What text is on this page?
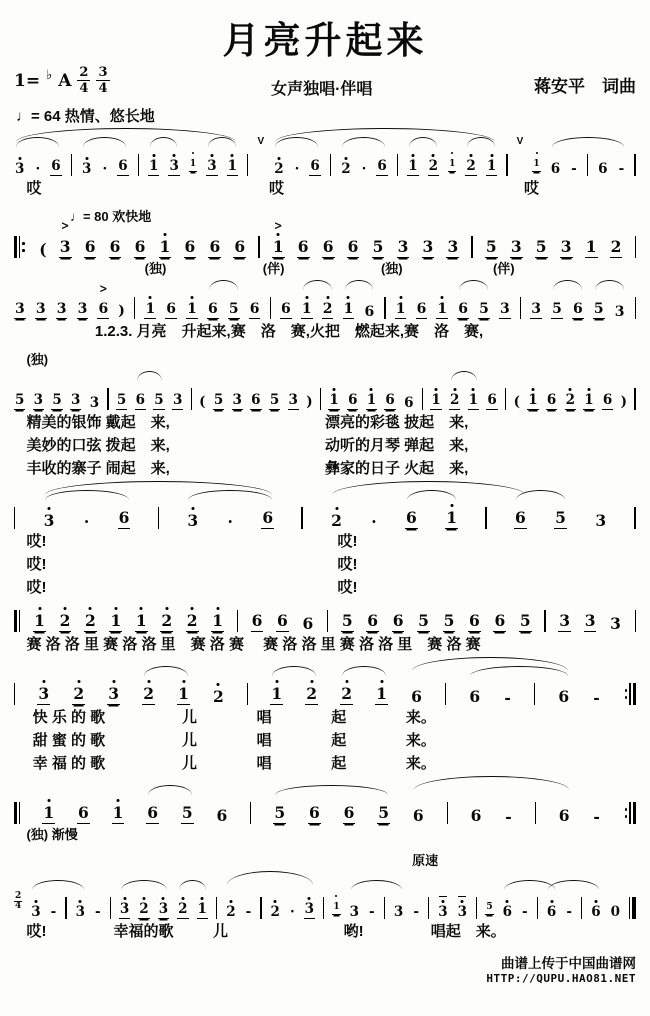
月亮升起来
1= ♭ A $\frac{2}{4} \frac{3}{4}$	女声独唱·伴唱	蒋安平　词曲
♩= 64 热情、悠长地
3 · 6 3 · 6 1 3 1 3 1
V
2 · 6 2 · 6 1 2 1 2 1
V
1 6 - 6 -
哎	哎	哎
♩= 80 欢快地
( 3
>
6 6 6 1 6 6 6 1
>
6 6 6 5 3 3 3 5 3 5 3 1 2
(独)	(伴)	(独)	(伴)
3 3 3 3 6
>
) 1 6 1 6 5 6 6 1 2 1 6 1 6 1 6 5 3 3 5 6 5 3
1.2.3. 月亮　升起来,赛　洛　赛,火把　燃起来,赛　洛　赛,
(独)
5 3 5 3 3 5 6 5 3 ( 5 3 6 5 3 ) 1 6 1 6 6 1 2 1 6 ( 1 6 2 1 6 )
精美的银饰 戴起　来,	漂亮的彩毯 披起　来,
美妙的口弦 拨起　来,	动听的月琴 弹起　来,
丰收的寨子 闹起　来,	彝家的日子 火起　来,
3 · 6	3 · 6	2 · 6 1	6 5 3
哎!	哎!
哎!	哎!
哎!	哎!
1 2 2 1 1 2 2 1 6 6 6 5 6 6 5 5 6 6 5 3 3 3
赛 洛 洛 里 赛 洛 洛 里　赛 洛 赛　 赛 洛 洛 里 赛 洛 洛 里　赛 洛 赛
3 2 3 2 1 2	1 2 2 1 6	6 -	6 -
快 乐 的 歌	儿	唱	起	来。
甜 蜜 的 歌	儿	唱	起	来。
幸 福 的 歌	儿	唱	起	来。
1 6 1 6 5 6	5 6 6 5 6	6 -	6 -
(独) 渐慢
原速
2
4 3 - 3 - 3 2 3 2 1 2 - 2 · 3 1 3 - 3 - 3 3 5 6 - 6 - 6 0
哎!	幸福的歌	儿	哟!	唱起　来。
曲谱上传于中国曲谱网
HTTP://QUPU.HAO81.NET
